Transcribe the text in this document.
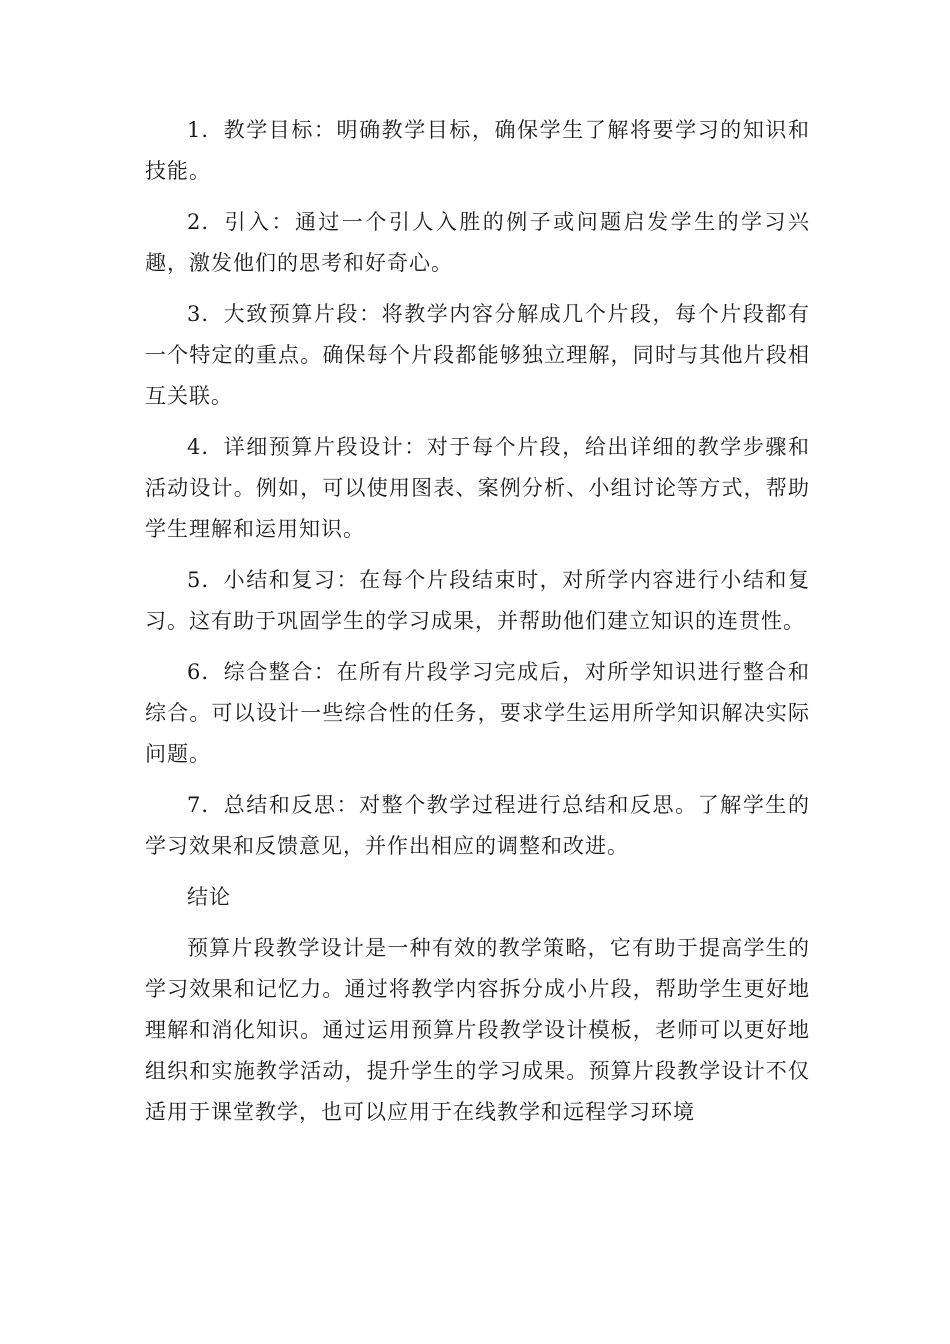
1. 教学目标：明确教学目标，确保学生了解将要学习的知识和技能。

2. 引入：通过一个引人入胜的例子或问题启发学生的学习兴趣，激发他们的思考和好奇心。

3. 大致预算片段：将教学内容分解成几个片段，每个片段都有一个特定的重点。确保每个片段都能够独立理解，同时与其他片段相互关联。

4. 详细预算片段设计：对于每个片段，给出详细的教学步骤和活动设计。例如，可以使用图表、案例分析、小组讨论等方式，帮助学生理解和运用知识。

5. 小结和复习：在每个片段结束时，对所学内容进行小结和复习。这有助于巩固学生的学习成果，并帮助他们建立知识的连贯性。

6. 综合整合：在所有片段学习完成后，对所学知识进行整合和综合。可以设计一些综合性的任务，要求学生运用所学知识解决实际问题。

7. 总结和反思：对整个教学过程进行总结和反思。了解学生的学习效果和反馈意见，并作出相应的调整和改进。

结论

预算片段教学设计是一种有效的教学策略，它有助于提高学生的学习效果和记忆力。通过将教学内容拆分成小片段，帮助学生更好地理解和消化知识。通过运用预算片段教学设计模板，老师可以更好地组织和实施教学活动，提升学生的学习成果。预算片段教学设计不仅适用于课堂教学，也可以应用于在线教学和远程学习环境
